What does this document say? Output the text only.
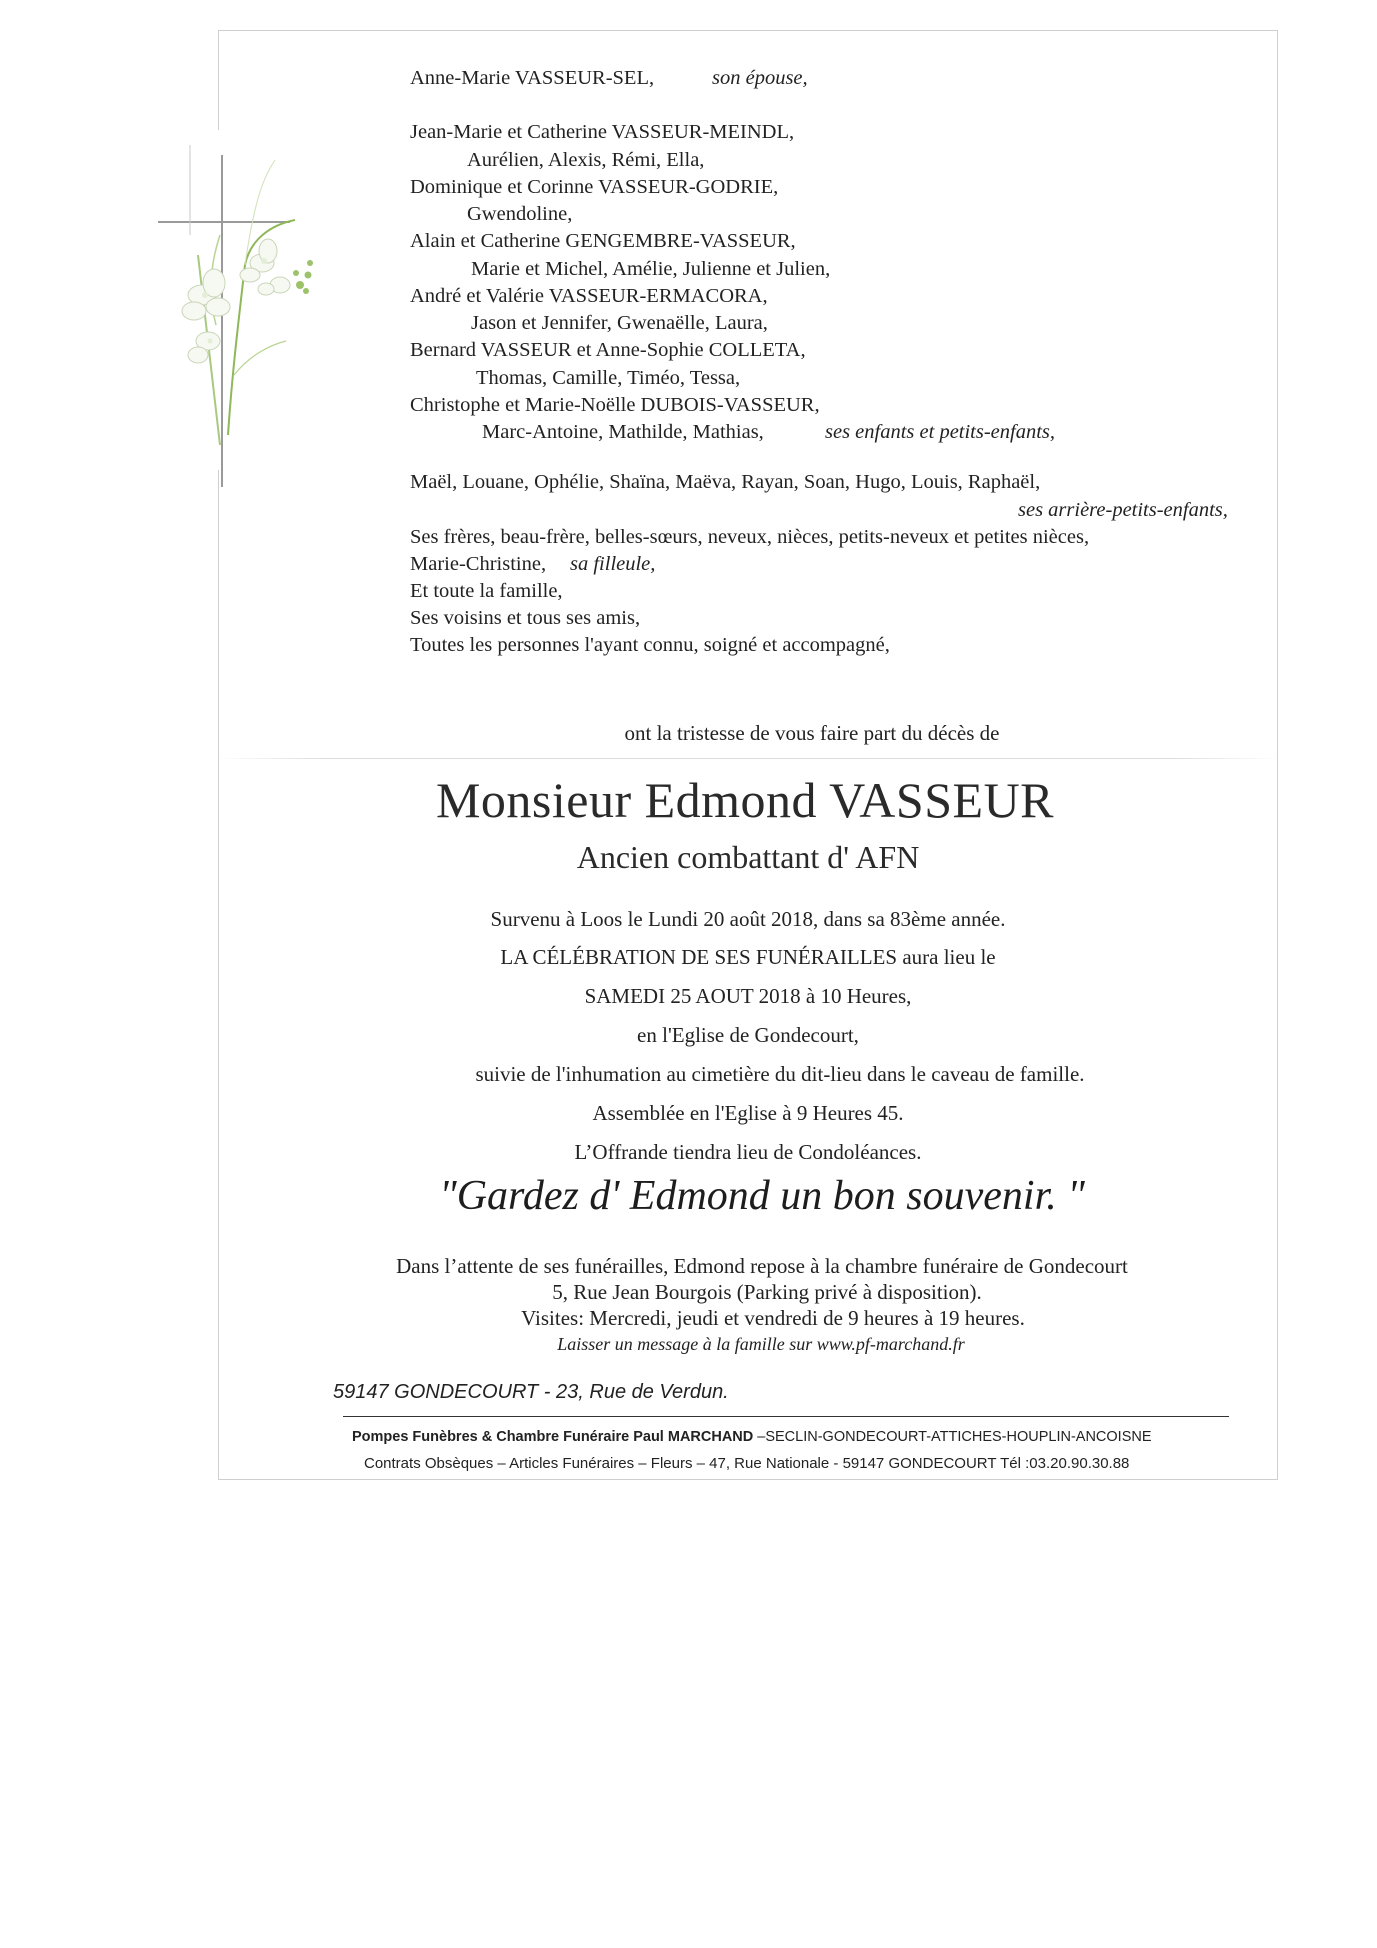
Anne-Marie VASSEUR-SEL,	son épouse,
Jean-Marie et Catherine VASSEUR-MEINDL,
Aurélien, Alexis, Rémi, Ella,
Dominique et Corinne VASSEUR-GODRIE,
Gwendoline,
Alain et Catherine GENGEMBRE-VASSEUR,
Marie et Michel, Amélie, Julienne et Julien,
André et Valérie VASSEUR-ERMACORA,
Jason et Jennifer, Gwenaëlle, Laura,
Bernard VASSEUR et Anne-Sophie COLLETA,
Thomas, Camille, Timéo, Tessa,
Christophe et Marie-Noëlle DUBOIS-VASSEUR,
Marc-Antoine, Mathilde, Mathias,	ses enfants et petits-enfants,
Maël, Louane, Ophélie, Shaïna, Maëva, Rayan, Soan, Hugo, Louis, Raphaël,
ses arrière-petits-enfants,
Ses frères, beau-frère, belles-sœurs, neveux, nièces, petits-neveux et petites nièces,
Marie-Christine, sa filleule,
Et toute la famille,
Ses voisins et tous ses amis,
Toutes les personnes l'ayant connu, soigné et accompagné,
ont la tristesse de vous faire part du décès de
Monsieur Edmond VASSEUR
Ancien combattant d' AFN
Survenu à Loos le Lundi 20 août 2018, dans sa 83ème année.
LA CÉLÉBRATION DE SES FUNÉRAILLES aura lieu le
SAMEDI 25 AOUT 2018 à 10 Heures,
en l'Eglise de Gondecourt,
suivie de l'inhumation au cimetière du dit-lieu dans le caveau de famille.
Assemblée en l'Eglise à 9 Heures 45.
L’Offrande tiendra lieu de Condoléances.
"Gardez d' Edmond un bon souvenir. "
Dans l’attente de ses funérailles, Edmond repose à la chambre funéraire de Gondecourt
5, Rue Jean Bourgois (Parking privé à disposition).
Visites: Mercredi, jeudi et vendredi de 9 heures à 19 heures.
Laisser un message à la famille sur www.pf-marchand.fr
59147 GONDECOURT - 23, Rue de Verdun.
Pompes Funèbres & Chambre Funéraire Paul MARCHAND –SECLIN-GONDECOURT-ATTICHES-HOUPLIN-ANCOISNE
Contrats Obsèques – Articles Funéraires – Fleurs – 47, Rue Nationale - 59147 GONDECOURT Tél :03.20.90.30.88
